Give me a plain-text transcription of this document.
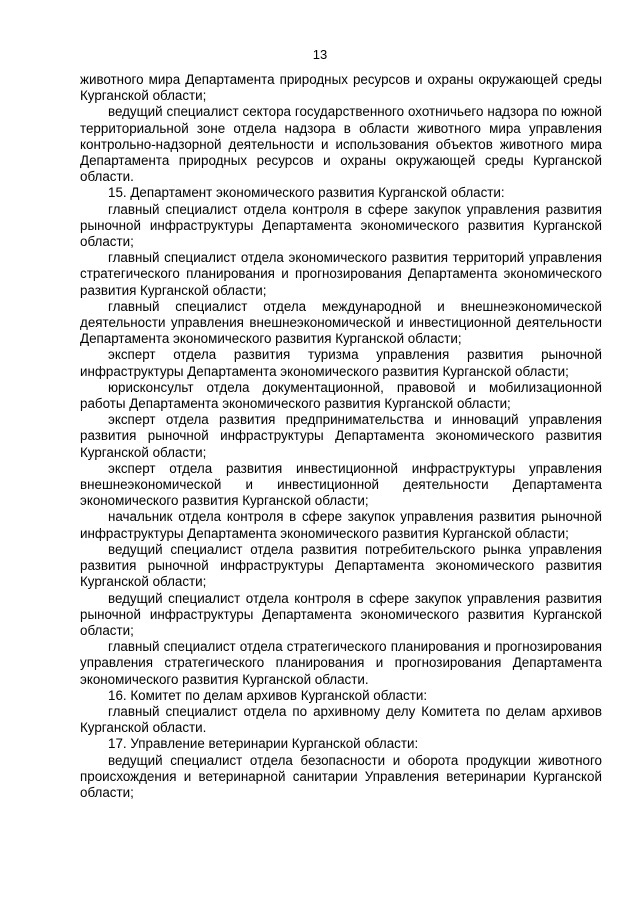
13

животного мира Департамента природных ресурсов и охраны окружающей среды Курганской области;

ведущий специалист сектора государственного охотничьего надзора по южной территориальной зоне отдела надзора в области животного мира управления контрольно-надзорной деятельности и использования объектов животного мира Департамента природных ресурсов и охраны окружающей среды Курганской области.

15. Департамент экономического развития Курганской области:

главный специалист отдела контроля в сфере закупок управления развития рыночной инфраструктуры Департамента экономического развития Курганской области;

главный специалист отдела экономического развития территорий управления стратегического планирования и прогнозирования Департамента экономического развития Курганской области;

главный специалист отдела международной и внешнеэкономической деятельности управления внешнеэкономической и инвестиционной деятельности Департамента экономического развития Курганской области;

эксперт отдела развития туризма управления развития рыночной инфраструктуры Департамента экономического развития Курганской области;

юрисконсульт отдела документационной, правовой и мобилизационной работы Департамента экономического развития Курганской области;

эксперт отдела развития предпринимательства и инноваций управления развития рыночной инфраструктуры Департамента экономического развития Курганской области;

эксперт отдела развития инвестиционной инфраструктуры управления внешнеэкономической и инвестиционной деятельности Департамента экономического развития Курганской области;

начальник отдела контроля в сфере закупок управления развития рыночной инфраструктуры Департамента экономического развития Курганской области;

ведущий специалист отдела развития потребительского рынка управления развития рыночной инфраструктуры Департамента экономического развития Курганской области;

ведущий специалист отдела контроля в сфере закупок управления развития рыночной инфраструктуры Департамента экономического развития Курганской области;

главный специалист отдела стратегического планирования и прогнозирования управления стратегического планирования и прогнозирования Департамента экономического развития Курганской области.

16. Комитет по делам архивов Курганской области:

главный специалист отдела по архивному делу Комитета по делам архивов Курганской области.

17. Управление ветеринарии Курганской области:

ведущий специалист отдела безопасности и оборота продукции животного происхождения и ветеринарной санитарии Управления ветеринарии Курганской области;
